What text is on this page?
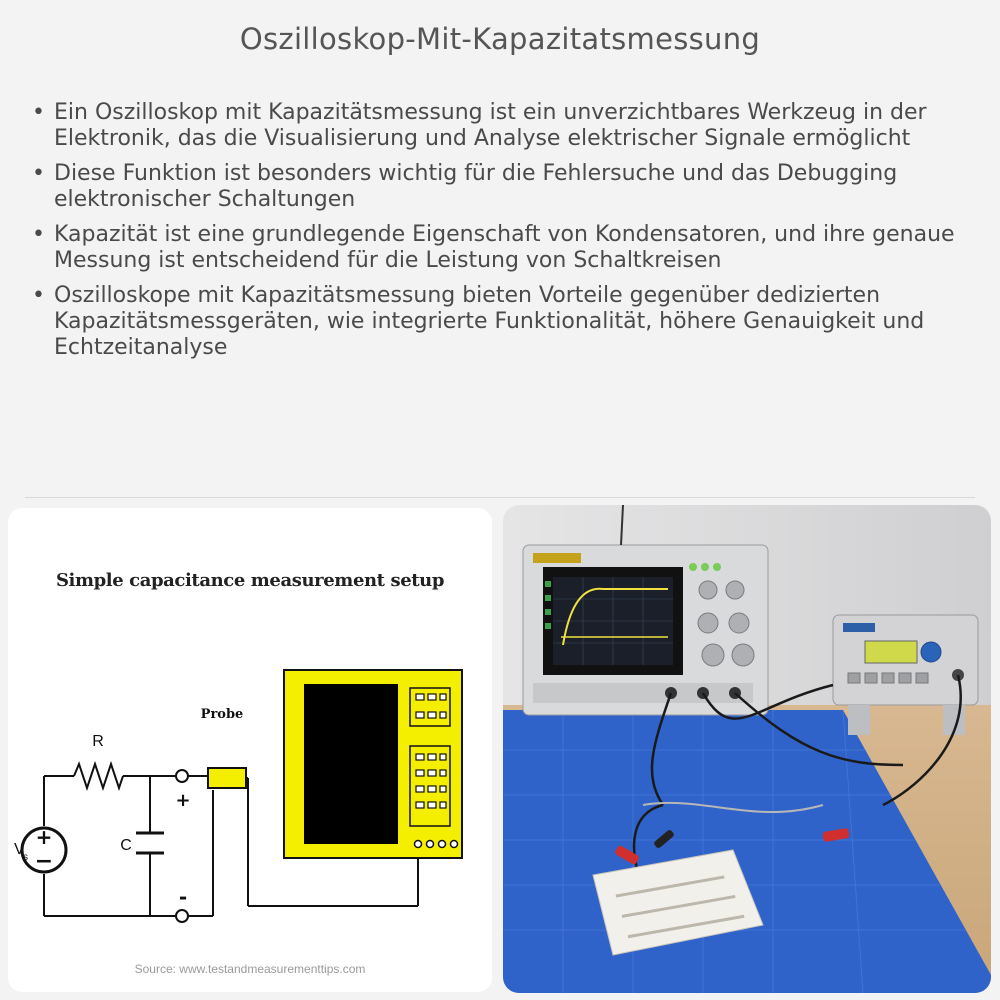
Oszilloskop-Mit-Kapazitatsmessung
• Ein Oszilloskop mit Kapazitätsmessung ist ein unverzichtbares Werkzeug in der Elektronik, das die Visualisierung und Analyse elektrischer Signale ermöglicht
• Diese Funktion ist besonders wichtig für die Fehlersuche und das Debugging elektronischer Schaltungen
• Kapazität ist eine grundlegende Eigenschaft von Kondensatoren, und ihre genaue Messung ist entscheidend für die Leistung von Schaltkreisen
• Oszilloskope mit Kapazitätsmessung bieten Vorteile gegenüber dedizierten Kapazitätsmessgeräten, wie integrierte Funktionalität, höhere Genauigkeit und Echtzeitanalyse
+
−
R
C
V
s
+
-
Probe
Simple capacitance measurement setup
Source: www.testandmeasurementtips.com
